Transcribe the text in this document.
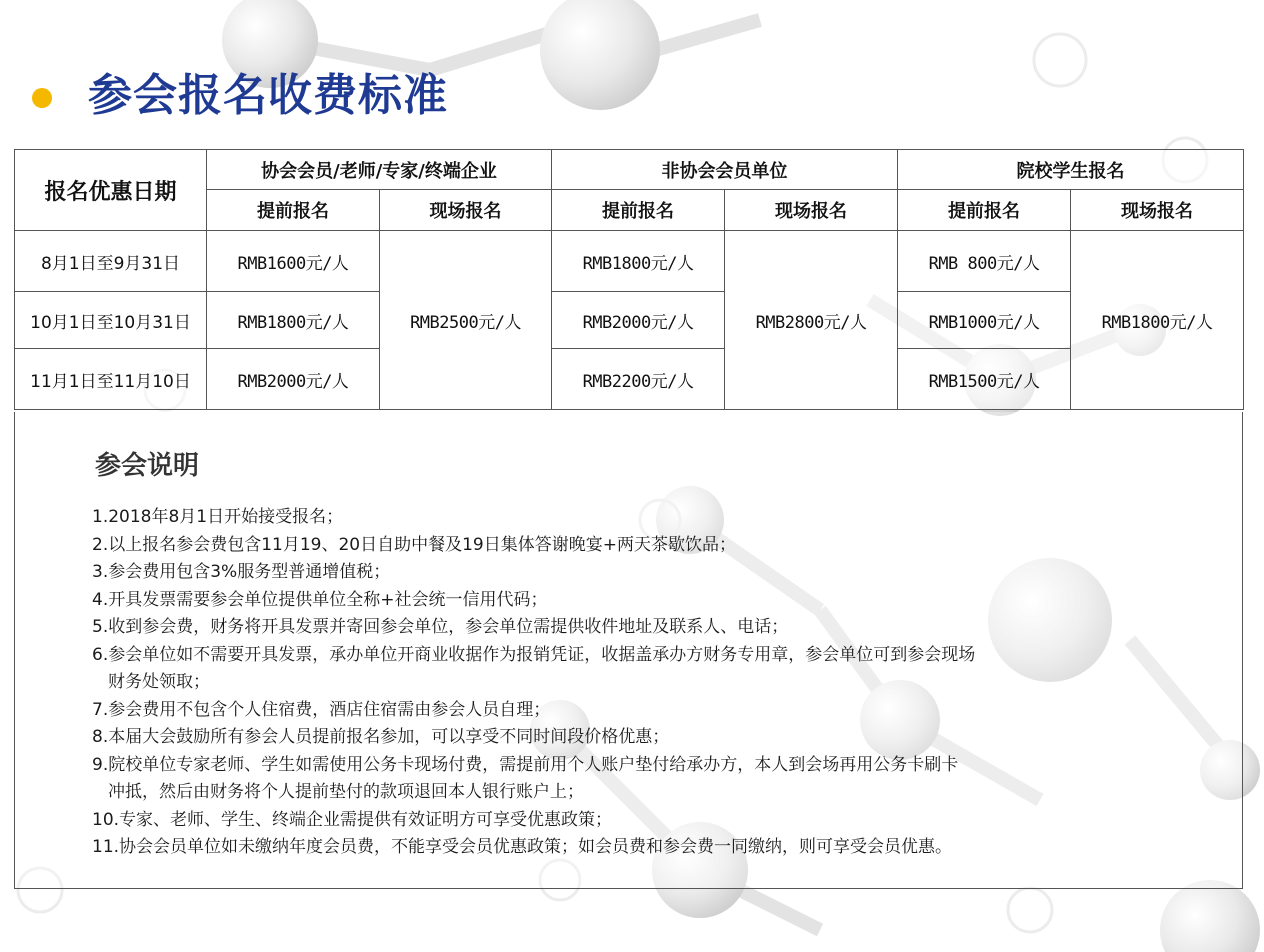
参会报名收费标准
报名优惠日期	协会会员/老师/专家/终端企业		非协会会员单位		院校学生报名	
	提前报名	现场报名	提前报名	现场报名	提前报名	现场报名
8月1日至9月31日	RMB1600元/人	RMB2500元/人	RMB1800元/人	RMB2800元/人	RMB 800元/人	RMB1800元/人
10月1日至10月31日	RMB1800元/人		RMB2000元/人		RMB1000元/人	
11月1日至11月10日	RMB2000元/人		RMB2200元/人		RMB1500元/人	
参会说明
1.2018年8月1日开始接受报名；
2.以上报名参会费包含11月19、20日自助中餐及19日集体答谢晚宴+两天茶歇饮品；
3.参会费用包含3%服务型普通增值税；
4.开具发票需要参会单位提供单位全称+社会统一信用代码；
5.收到参会费，财务将开具发票并寄回参会单位，参会单位需提供收件地址及联系人、电话；
6.参会单位如不需要开具发票，承办单位开商业收据作为报销凭证，收据盖承办方财务专用章，参会单位可到参会现场
财务处领取；
7.参会费用不包含个人住宿费，酒店住宿需由参会人员自理；
8.本届大会鼓励所有参会人员提前报名参加，可以享受不同时间段价格优惠；
9.院校单位专家老师、学生如需使用公务卡现场付费，需提前用个人账户垫付给承办方，本人到会场再用公务卡刷卡
冲抵，然后由财务将个人提前垫付的款项退回本人银行账户上；
10.专家、老师、学生、终端企业需提供有效证明方可享受优惠政策；
11.协会会员单位如未缴纳年度会员费，不能享受会员优惠政策；如会员费和参会费一同缴纳，则可享受会员优惠。
